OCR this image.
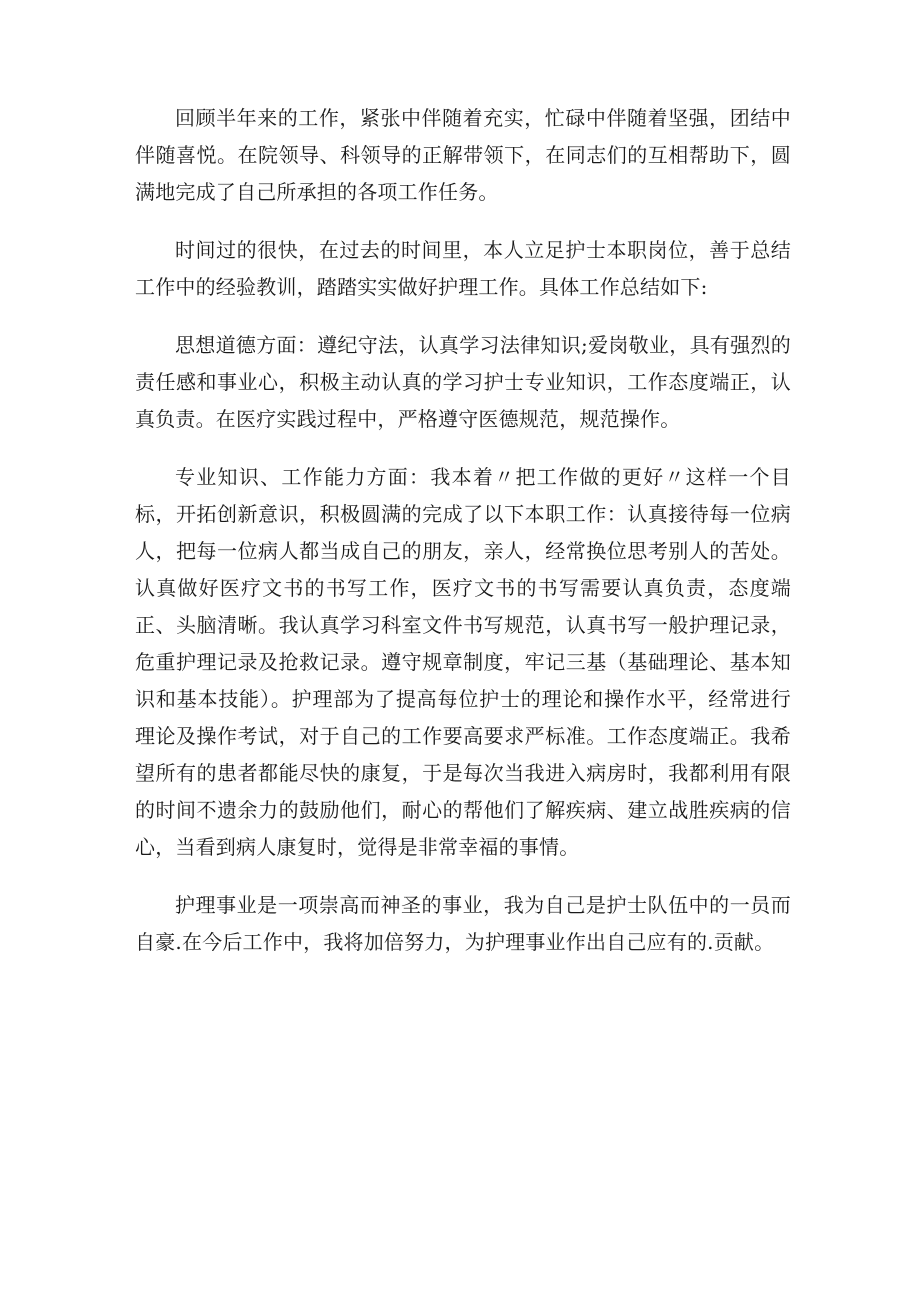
回顾半年来的工作，紧张中伴随着充实，忙碌中伴随着坚强，团结中伴随喜悦。在院领导、科领导的正解带领下，在同志们的互相帮助下，圆满地完成了自己所承担的各项工作任务。

时间过的很快，在过去的时间里，本人立足护士本职岗位，善于总结工作中的经验教训，踏踏实实做好护理工作。具体工作总结如下:

思想道德方面：遵纪守法，认真学习法律知识;爱岗敬业，具有强烈的责任感和事业心，积极主动认真的学习护士专业知识，工作态度端正，认真负责。在医疗实践过程中，严格遵守医德规范，规范操作。

专业知识、工作能力方面：我本着〃把工作做的更好〃这样一个目标，开拓创新意识，积极圆满的完成了以下本职工作：认真接待每一位病人，把每一位病人都当成自己的朋友，亲人，经常换位思考别人的苦处。认真做好医疗文书的书写工作，医疗文书的书写需要认真负责，态度端正、头脑清晰。我认真学习科室文件书写规范，认真书写一般护理记录，危重护理记录及抢救记录。遵守规章制度，牢记三基（基础理论、基本知识和基本技能）。护理部为了提高每位护士的理论和操作水平，经常进行理论及操作考试，对于自己的工作要高要求严标准。工作态度端正。我希望所有的患者都能尽快的康复，于是每次当我进入病房时，我都利用有限的时间不遗余力的鼓励他们，耐心的帮他们了解疾病、建立战胜疾病的信心，当看到病人康复时，觉得是非常幸福的事情。

护理事业是一项崇高而神圣的事业，我为自己是护士队伍中的一员而自豪.在今后工作中，我将加倍努力，为护理事业作出自己应有的.贡献。
